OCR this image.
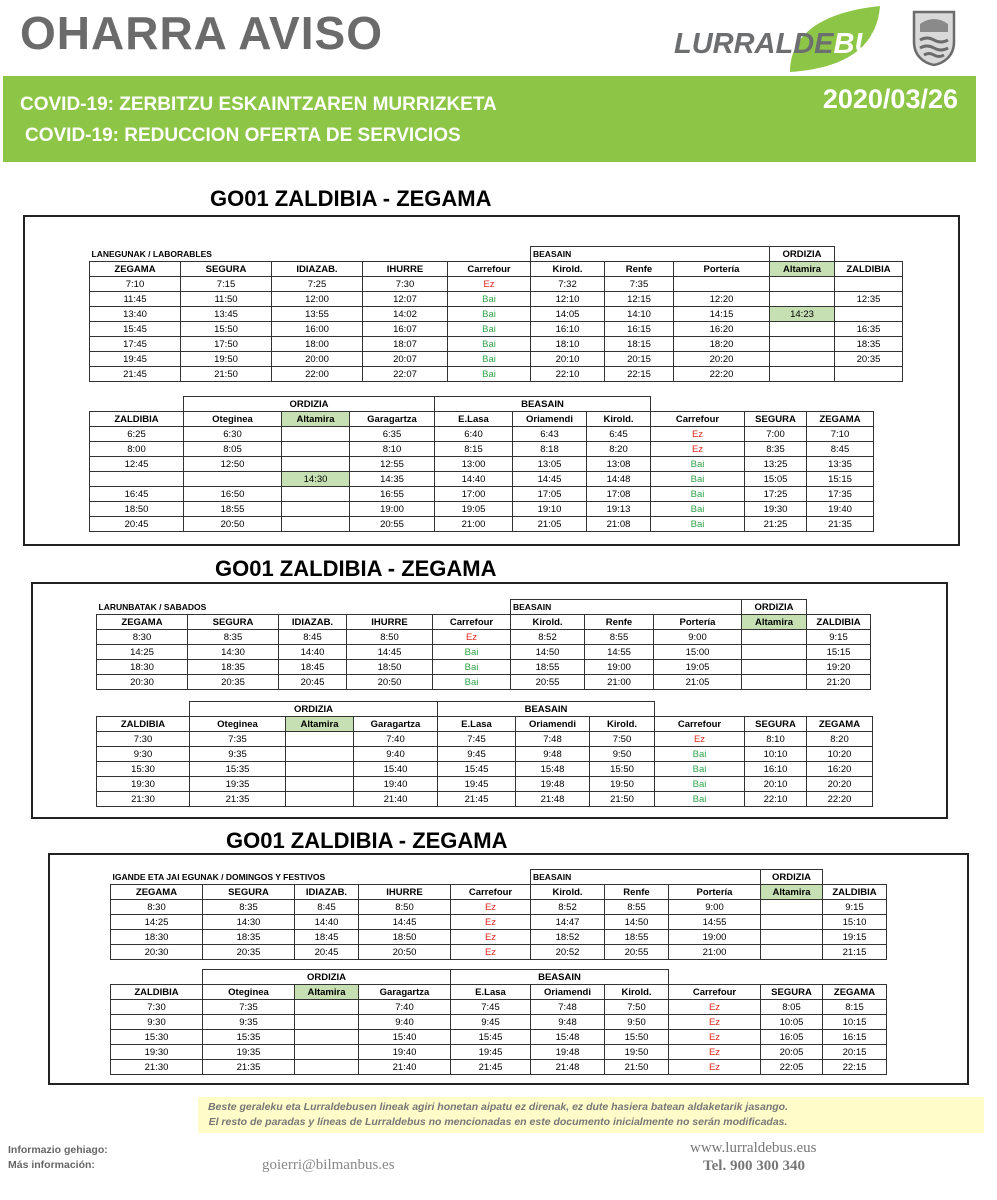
OHARRA AVISO	LURRALDEBUS
COVID-19: ZERBITZU ESKAINTZAREN MURRIZKETA
COVID-19: REDUCCION OFERTA DE SERVICIOS
2020/03/26
GO01 ZALDIBIA - ZEGAMA
GO01 ZALDIBIA - ZEGAMA
GO01 ZALDIBIA - ZEGAMA
LANEGUNAK / LABORABLES					BEASAIN			ORDIZIA	
ZEGAMA	SEGURA	IDIAZAB.	IHURRE	Carrefour	Kirold.	Renfe	Portería	Altamira	ZALDIBIA
7:10	7:15	7:25	7:30	Ez	7:32	7:35			
11:45	11:50	12:00	12:07	Bai	12:10	12:15	12:20		12:35
13:40	13:45	13:55	14:02	Bai	14:05	14:10	14:15	14:23	
15:45	15:50	16:00	16:07	Bai	16:10	16:15	16:20		16:35
17:45	17:50	18:00	18:07	Bai	18:10	18:15	18:20		18:35
19:45	19:50	20:00	20:07	Bai	20:10	20:15	20:20		20:35
21:45	21:50	22:00	22:07	Bai	22:10	22:15	22:20		
	ORDIZIA			BEASAIN					
ZALDIBIA	Oteginea	Altamira	Garagartza	E.Lasa	Oriamendi	Kirold.	Carrefour	SEGURA	ZEGAMA
6:25	6:30		6:35	6:40	6:43	6:45	Ez	7:00	7:10
8:00	8:05		8:10	8:15	8:18	8:20	Ez	8:35	8:45
12:45	12:50		12:55	13:00	13:05	13:08	Bai	13:25	13:35
		14:30	14:35	14:40	14:45	14:48	Bai	15:05	15:15
16:45	16:50		16:55	17:00	17:05	17:08	Bai	17:25	17:35
18:50	18:55		19:00	19:05	19:10	19:13	Bai	19:30	19:40
20:45	20:50		20:55	21:00	21:05	21:08	Bai	21:25	21:35
LARUNBATAK / SABADOS					BEASAIN			ORDIZIA	
ZEGAMA	SEGURA	IDIAZAB.	IHURRE	Carrefour	Kirold.	Renfe	Portería	Altamira	ZALDIBIA
8:30	8:35	8:45	8:50	Ez	8:52	8:55	9:00		9:15
14:25	14:30	14:40	14:45	Bai	14:50	14:55	15:00		15:15
18:30	18:35	18:45	18:50	Bai	18:55	19:00	19:05		19:20
20:30	20:35	20:45	20:50	Bai	20:55	21:00	21:05		21:20
	ORDIZIA			BEASAIN					
ZALDIBIA	Oteginea	Altamira	Garagartza	E.Lasa	Oriamendi	Kirold.	Carrefour	SEGURA	ZEGAMA
7:30	7:35		7:40	7:45	7:48	7:50	Ez	8:10	8:20
9:30	9:35		9:40	9:45	9:48	9:50	Bai	10:10	10:20
15:30	15:35		15:40	15:45	15:48	15:50	Bai	16:10	16:20
19:30	19:35		19:40	19:45	19:48	19:50	Bai	20:10	20:20
21:30	21:35		21:40	21:45	21:48	21:50	Bai	22:10	22:20
IGANDE ETA JAI EGUNAK / DOMINGOS Y FESTIVOS					BEASAIN			ORDIZIA	
ZEGAMA	SEGURA	IDIAZAB.	IHURRE	Carrefour	Kirold.	Renfe	Portería	Altamira	ZALDIBIA
8:30	8:35	8:45	8:50	Ez	8:52	8:55	9:00		9:15
14:25	14:30	14:40	14:45	Ez	14:47	14:50	14:55		15:10
18:30	18:35	18:45	18:50	Ez	18:52	18:55	19:00		19:15
20:30	20:35	20:45	20:50	Ez	20:52	20:55	21:00		21:15
	ORDIZIA			BEASAIN					
ZALDIBIA	Oteginea	Altamira	Garagartza	E.Lasa	Oriamendi	Kirold.	Carrefour	SEGURA	ZEGAMA
7:30	7:35		7:40	7:45	7:48	7:50	Ez	8:05	8:15
9:30	9:35		9:40	9:45	9:48	9:50	Ez	10:05	10:15
15:30	15:35		15:40	15:45	15:48	15:50	Ez	16:05	16:15
19:30	19:35		19:40	19:45	19:48	19:50	Ez	20:05	20:15
21:30	21:35		21:40	21:45	21:48	21:50	Ez	22:05	22:15
Beste geraleku eta Lurraldebusen lineak agiri honetan aipatu ez direnak, ez dute hasiera batean aldaketarik jasango.
El resto de paradas y líneas de Lurraldebus no mencionadas en este documento inicialmente no serán modificadas.
Informazio gehiago:
Más información:	goierri@bilmanbus.es
www.lurraldebus.eus
Tel. 900 300 340
